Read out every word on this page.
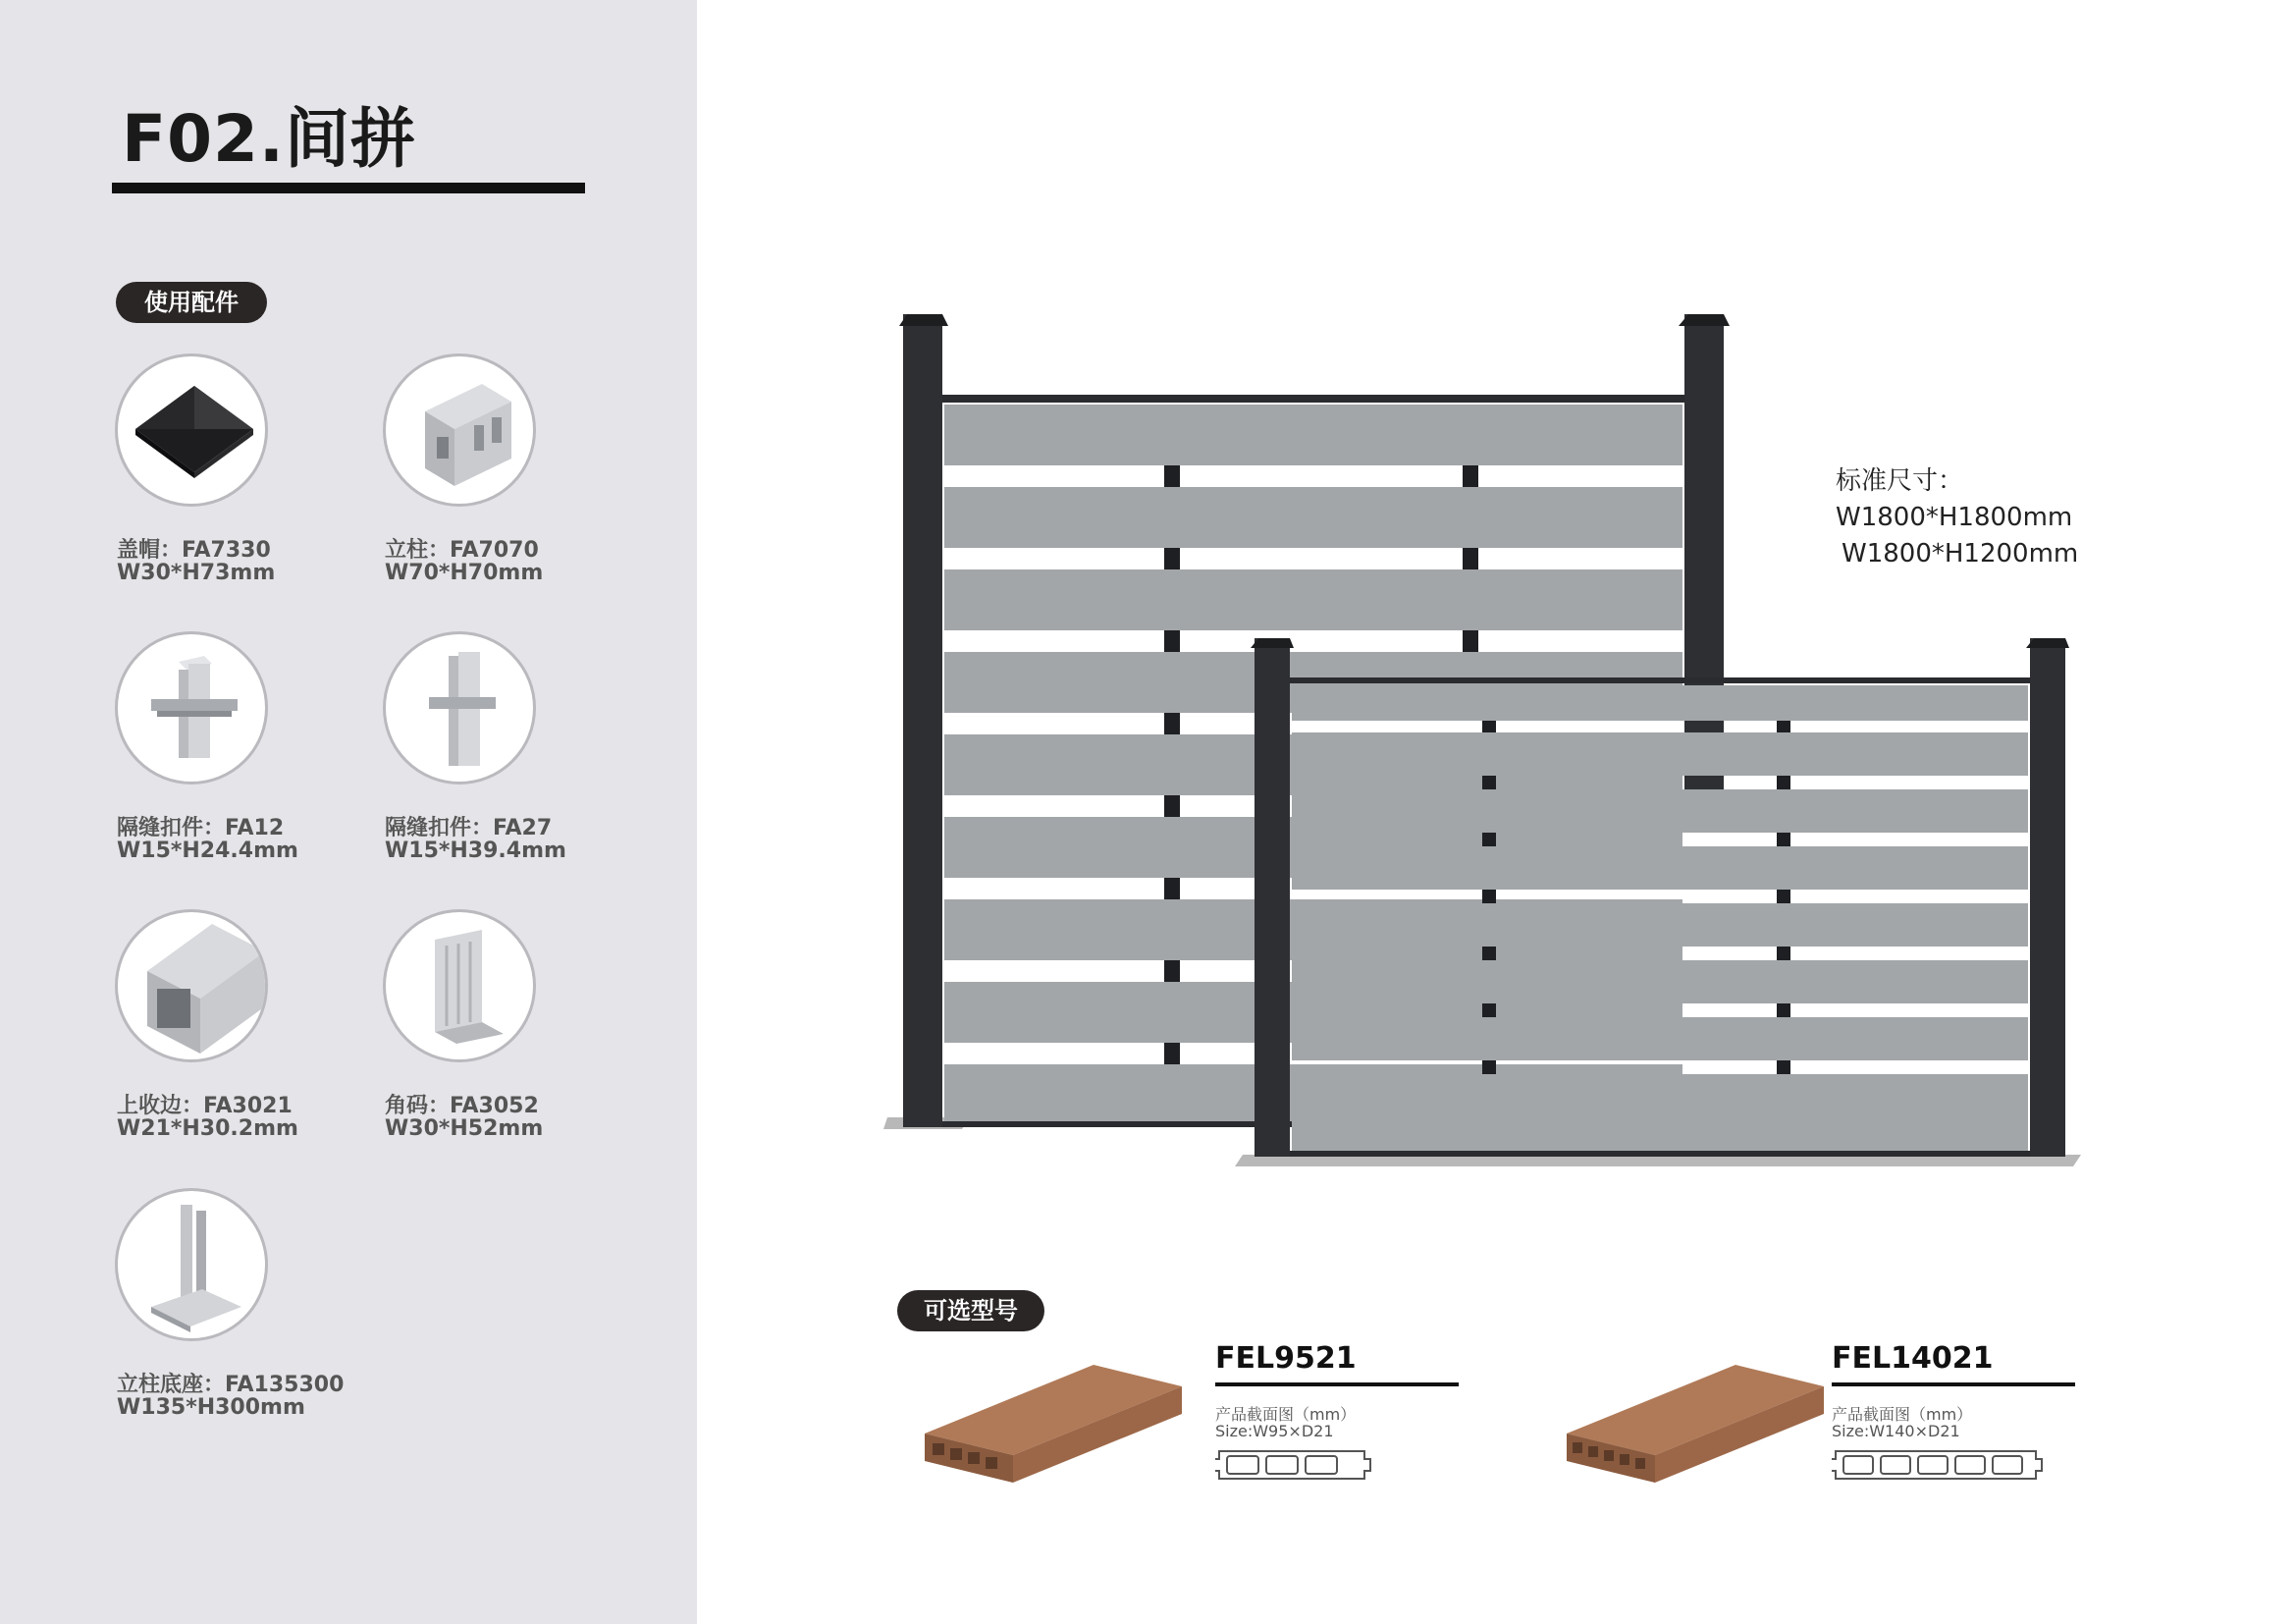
F02.间拼
使用配件
盖帽：FA7330
W30*H73mm
立柱：FA7070
W70*H70mm
隔缝扣件：FA12
W15*H24.4mm
隔缝扣件：FA27
W15*H39.4mm
上收边：FA3021
W21*H30.2mm
角码：FA3052
W30*H52mm
立柱底座：FA135300
W135*H300mm
标准尺寸：
W1800*H1800mm
W1800*H1200mm
可选型号
FEL9521
产品截面图（mm）
Size:W95×D21
FEL14021
产品截面图（mm）
Size:W140×D21
